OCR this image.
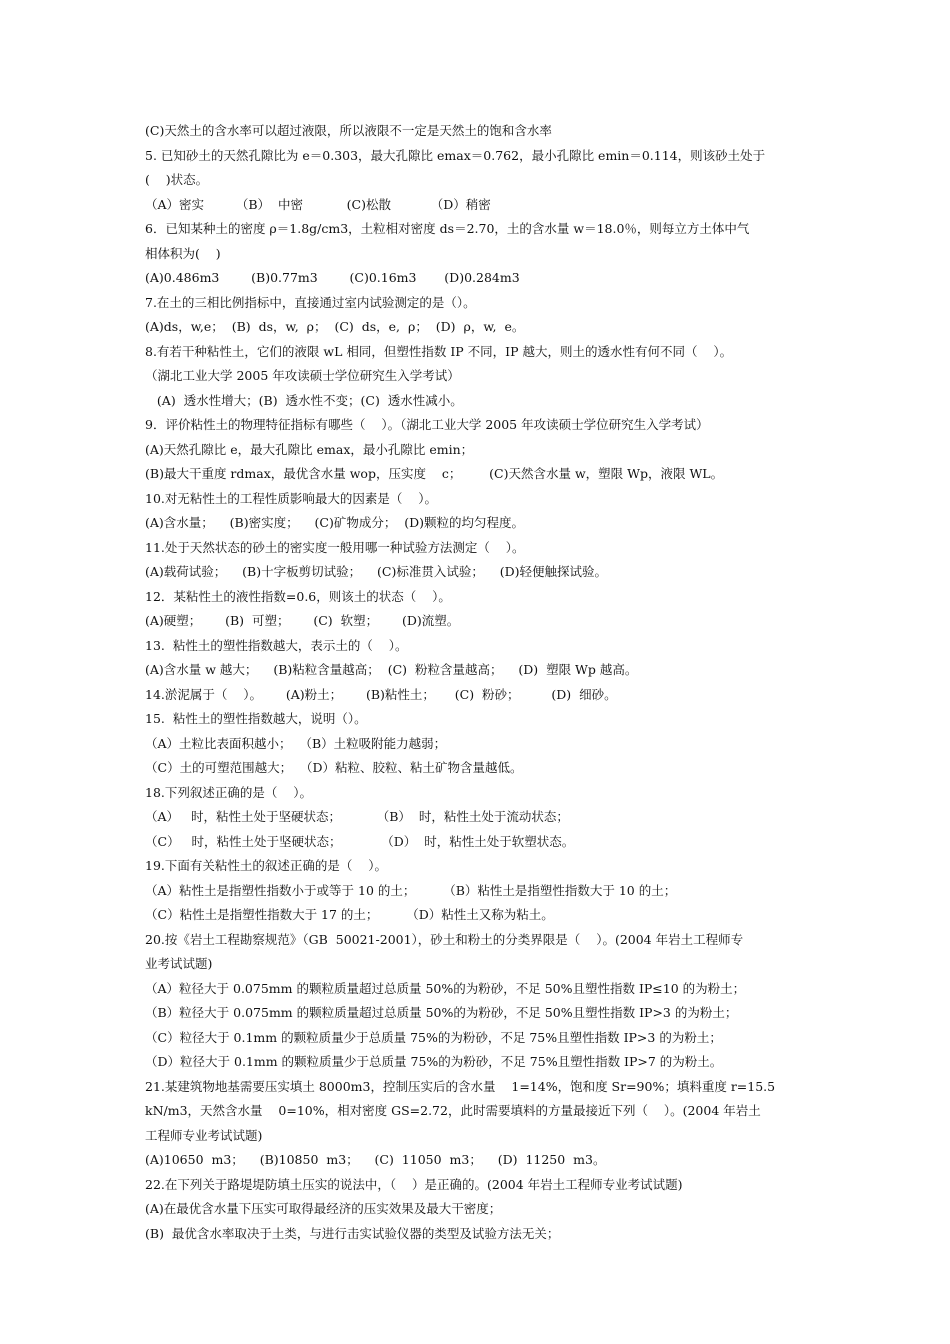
(C)天然土的含水率可以超过液限，所以液限不一定是天然土的饱和含水率
5. 已知砂土的天然孔隙比为 e＝0.303，最大孔隙比 emax＝0.762，最小孔隙比 emin＝0.114，则该砂土处于
(    )状态。
（A）密实        （B）  中密           (C)松散          （D）稍密
6．已知某种土的密度 ρ＝1.8g/cm3，土粒相对密度 ds＝2.70，土的含水量 w＝18.0％，则每立方土体中气
相体积为(    )
(A)0.486m3        (B)0.77m3        (C)0.16m3       (D)0.284m3
7.在土的三相比例指标中，直接通过室内试验测定的是（）。
(A)ds，w,e；  (B)  ds，w,  ρ；  (C)  ds，e,  ρ；  (D)  ρ，w,  e。
8.有若干种粘性土，它们的液限 wL 相同，但塑性指数 IP 不同，IP 越大，则土的透水性有何不同（    ）。
（湖北工业大学 2005 年攻读硕士学位研究生入学考试）
(A)  透水性增大；(B)  透水性不变；(C)  透水性减小。
9．评价粘性土的物理特征指标有哪些（    ）。（湖北工业大学 2005 年攻读硕士学位研究生入学考试）
(A)天然孔隙比 e，最大孔隙比 emax，最小孔隙比 emin；
(B)最大干重度 rdmax，最优含水量 wop，压实度    c；       (C)天然含水量 w，塑限 Wp，液限 WL。
10.对无粘性土的工程性质影响最大的因素是（    ）。
(A)含水量；    (B)密实度；    (C)矿物成分；  (D)颗粒的均匀程度。
11.处于天然状态的砂土的密实度一般用哪一种试验方法测定（    ）。
(A)载荷试验；    (B)十字板剪切试验；    (C)标准贯入试验；    (D)轻便触探试验。
12．某粘性土的液性指数=0.6，则该土的状态（    ）。
(A)硬塑；      (B)  可塑；      (C)  软塑；      (D)流塑。
13.  粘性土的塑性指数越大，表示土的（    ）。
(A)含水量 w 越大；    (B)粘粒含量越高；  (C)  粉粒含量越高；    (D)  塑限 Wp 越高。
14.淤泥属于（    ）。      (A)粉土；      (B)粘性土；     (C)  粉砂；        (D)  细砂。
15.  粘性土的塑性指数越大，说明（）。
（A）土粒比表面积越小；  （B）土粒吸附能力越弱；
（C）土的可塑范围越大；  （D）粘粒、胶粒、粘土矿物含量越低。
18.下列叙述正确的是（    ）。
（A）   时，粘性土处于坚硬状态；         （B）  时，粘性土处于流动状态；
（C）   时，粘性土处于坚硬状态；          （D）  时，粘性土处于软塑状态。
19.下面有关粘性土的叙述正确的是（    ）。
（A）粘性土是指塑性指数小于或等于 10 的土；       （B）粘性土是指塑性指数大于 10 的土；
（C）粘性土是指塑性指数大于 17 的土；       （D）粘性土又称为粘土。
20.按《岩土工程勘察规范》（GB  50021-2001），砂土和粉土的分类界限是（    ）。(2004 年岩土工程师专
业考试试题)
（A）粒径大于 0.075mm 的颗粒质量超过总质量 50%的为粉砂，不足 50%且塑性指数 IP≤10 的为粉土；
（B）粒径大于 0.075mm 的颗粒质量超过总质量 50%的为粉砂，不足 50%且塑性指数 IP>3 的为粉土；
（C）粒径大于 0.1mm 的颗粒质量少于总质量 75%的为粉砂，不足 75%且塑性指数 IP>3 的为粉土；
（D）粒径大于 0.1mm 的颗粒质量少于总质量 75%的为粉砂，不足 75%且塑性指数 IP>7 的为粉土。
21.某建筑物地基需要压实填土 8000m3，控制压实后的含水量    1=14%，饱和度 Sr=90%；填料重度 r=15.5
kN/m3，天然含水量    0=10%，相对密度 GS=2.72，此时需要填料的方量最接近下列（    ）。(2004 年岩土
工程师专业考试试题)
(A)10650  m3；    (B)10850  m3；    (C)  11050  m3；    (D)  11250  m3。
22.在下列关于路堤堤防填土压实的说法中，（    ）是正确的。(2004 年岩土工程师专业考试试题)
(A)在最优含水量下压实可取得最经济的压实效果及最大干密度；
(B)  最优含水率取决于土类，与进行击实试验仪器的类型及试验方法无关；
